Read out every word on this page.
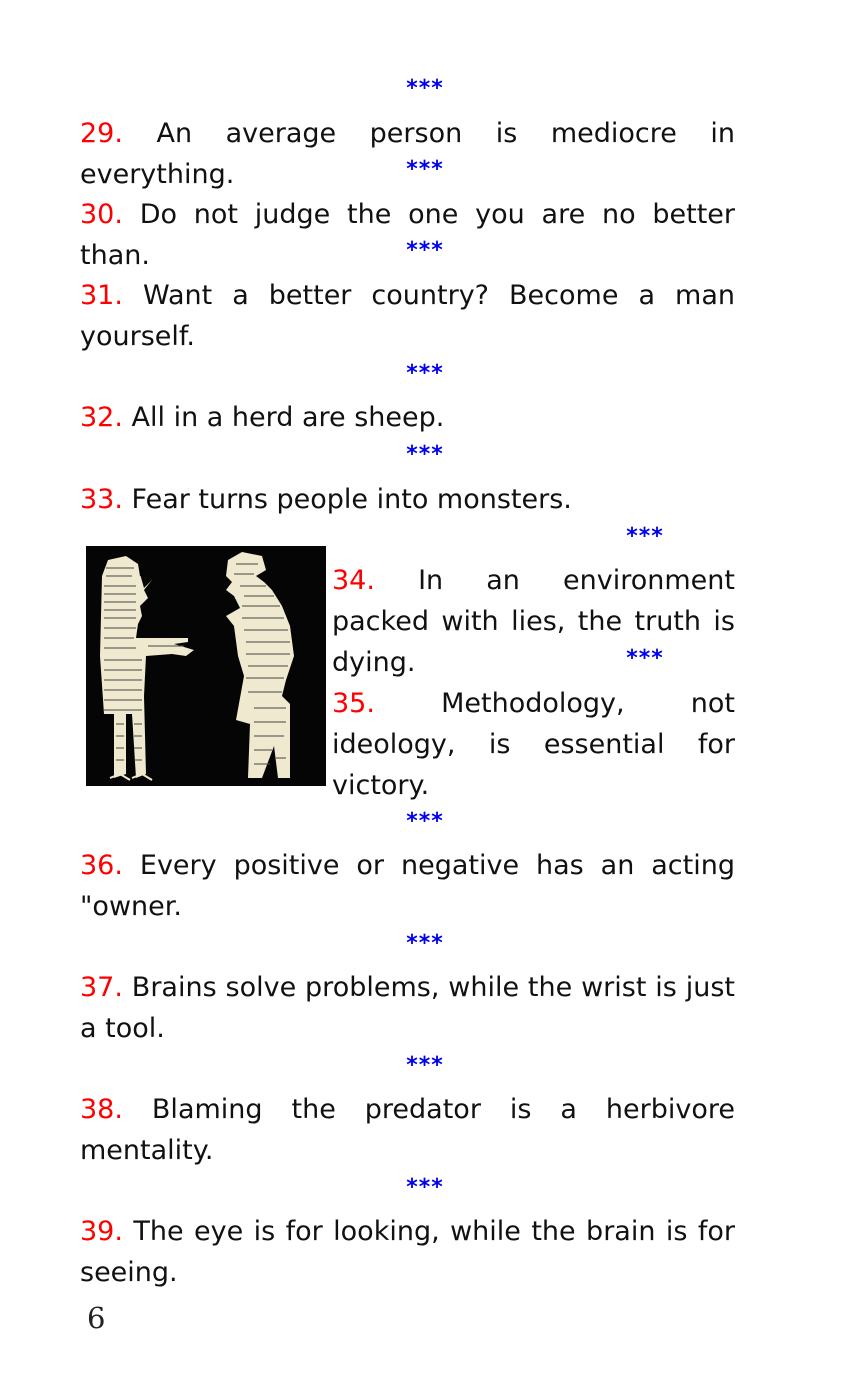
***

29. An average person is mediocre in everything.	***

30. Do not judge the one you are no better than.	***

31. Want a better country? Become a man yourself.

***

32. All in a herd are sheep.

***

33. Fear turns people into monsters.

***

34. In an environment packed with lies, the truth is dying.	***

35. Methodology, not ideology, is essential for victory.

***

36. Every positive or negative has an acting "owner.

***

37. Brains solve problems, while the wrist is just a tool.

***

38. Blaming the predator is a herbivore mentality.

***

39. The eye is for looking, while the brain is for seeing.

6
